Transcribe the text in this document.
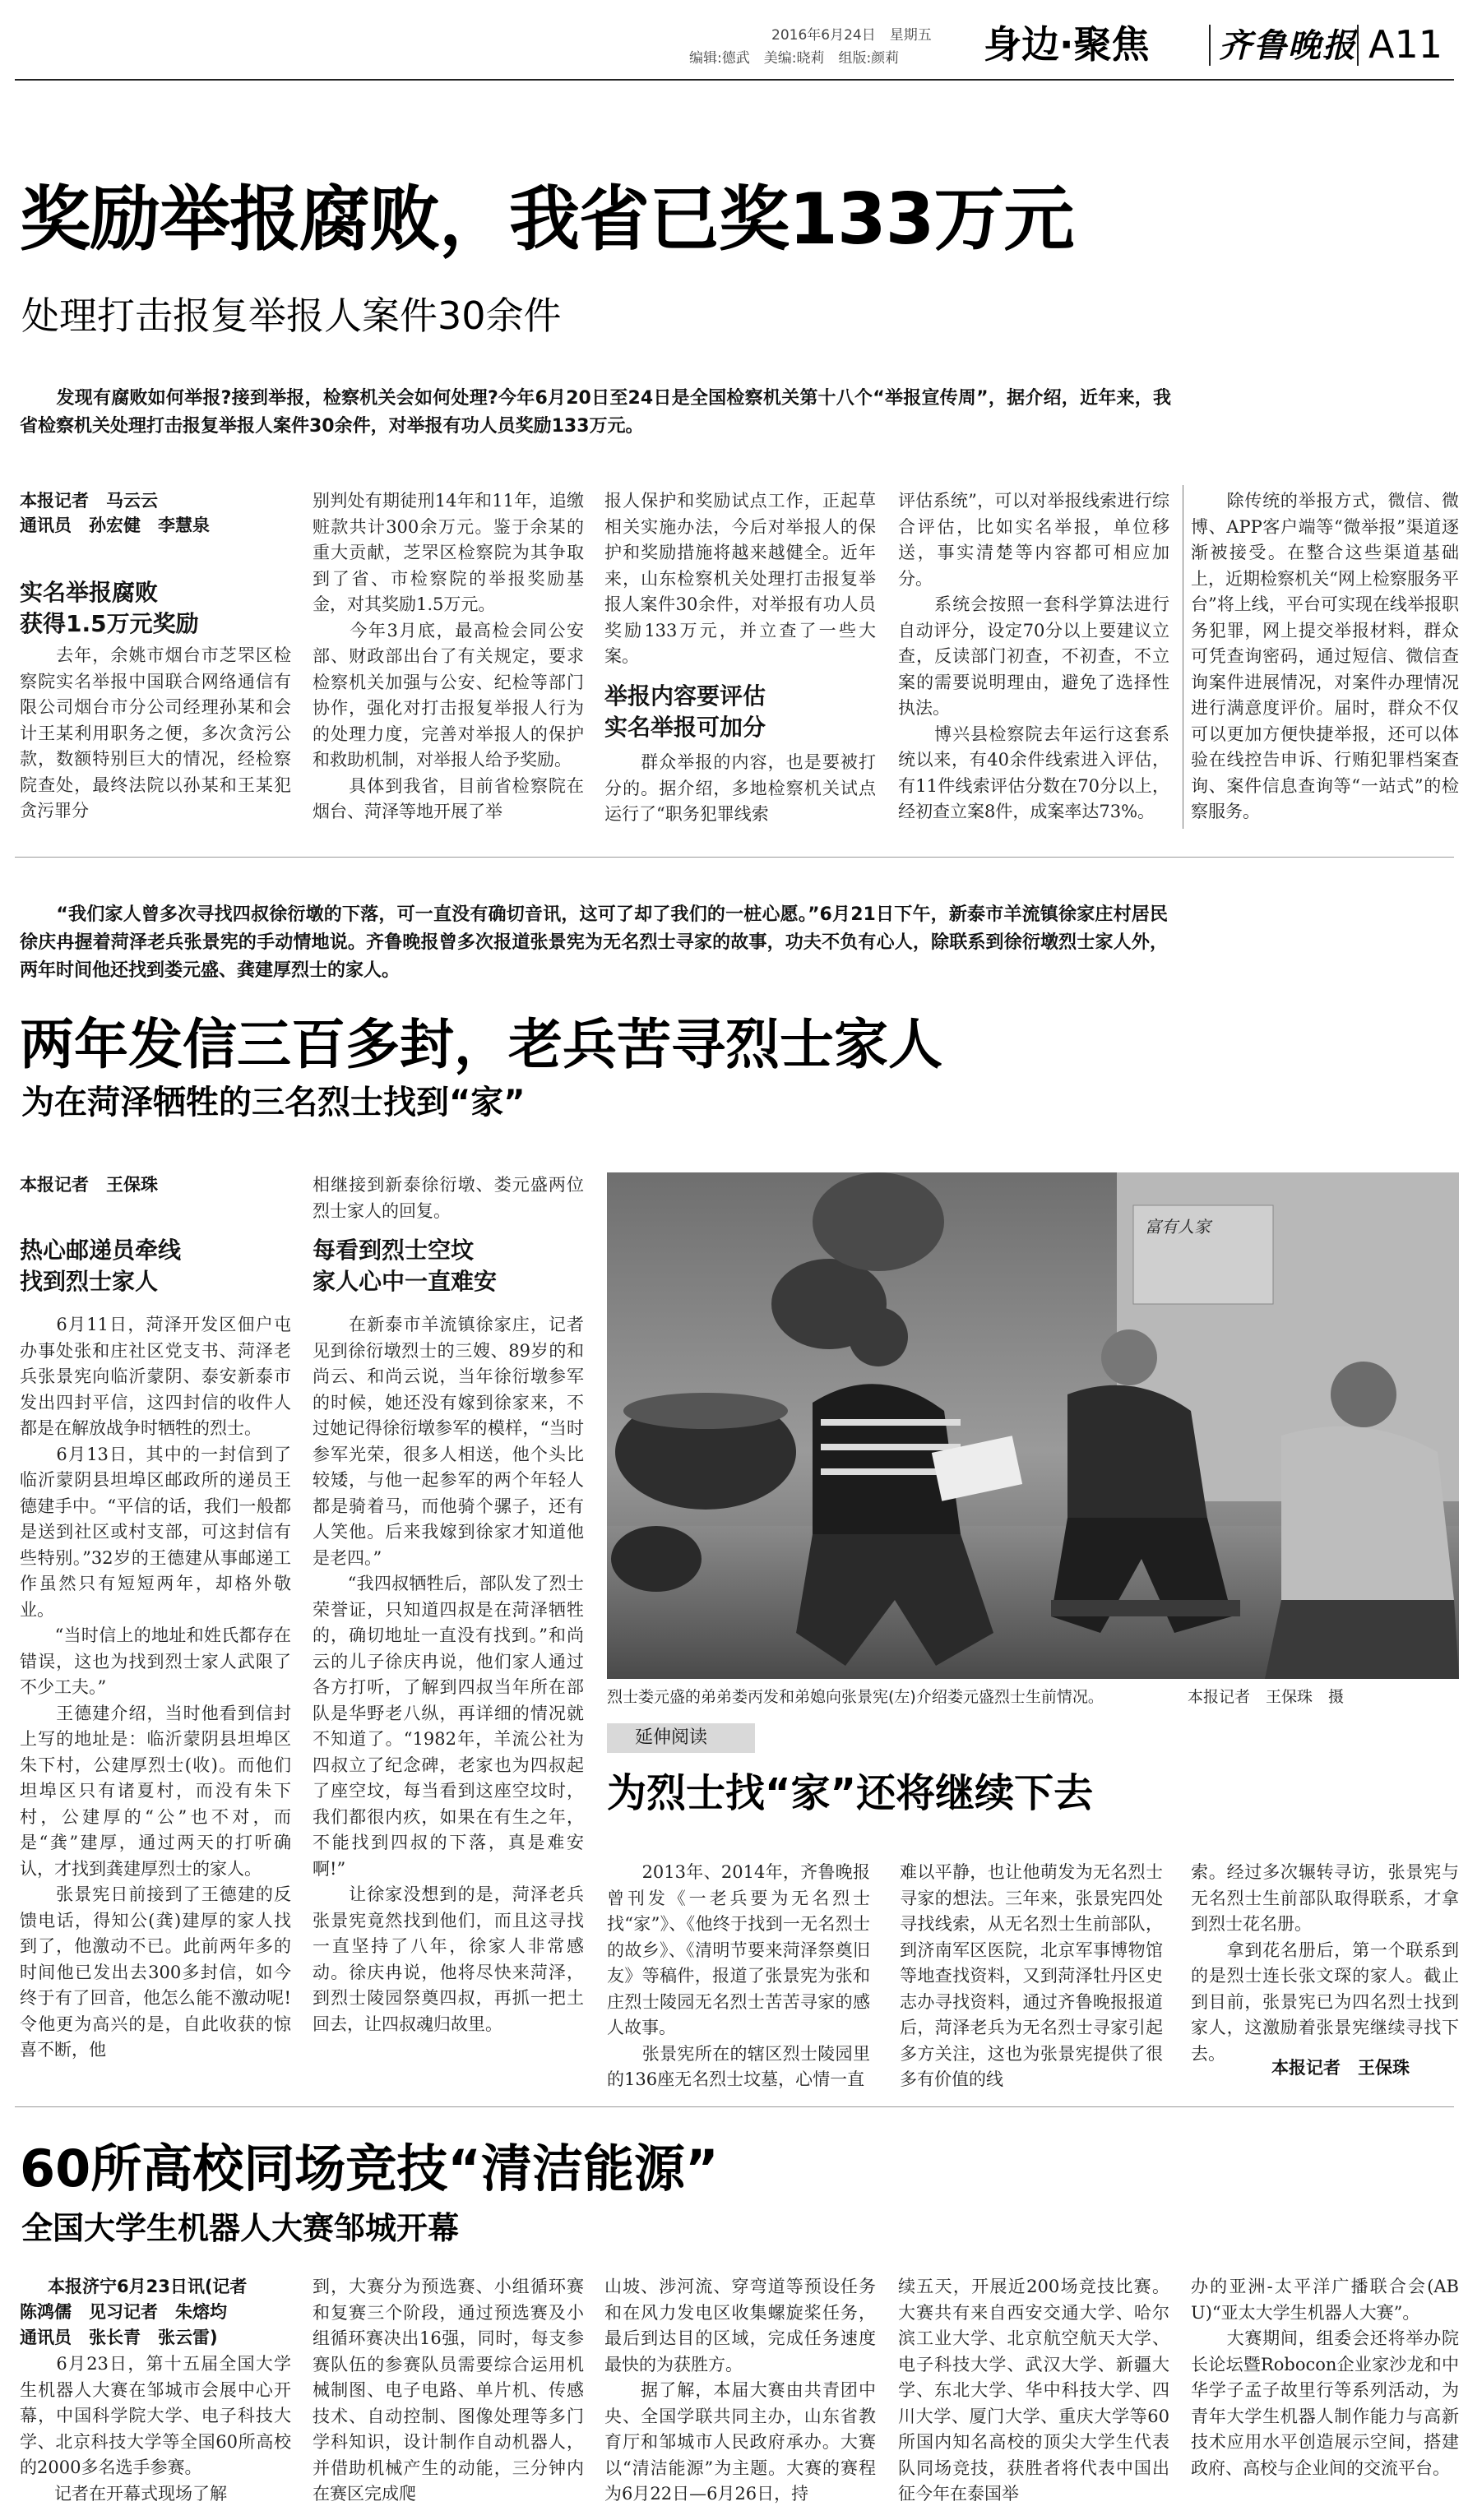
2016年6月24日　星期五
编辑:德武　美编:晓莉　组版:颜莉 身边·聚焦 齐鲁晚报 A11
奖励举报腐败，我省已奖133万元
处理打击报复举报人案件30余件
　　发现有腐败如何举报?接到举报，检察机关会如何处理?今年6月20日至24日是全国检察机关第十八个“举报宣传周”，据介绍，近年来，我省检察机关处理打击报复举报人案件30余件，对举报有功人员奖励133万元。
本报记者　马云云
通讯员　孙宏健　李慧泉
实名举报腐败
获得1.5万元奖励
　　去年，余姚市烟台市芝罘区检察院实名举报中国联合网络通信有限公司烟台市分公司经理孙某和会计王某利用职务之便，多次贪污公款，数额特别巨大的情况，经检察院查处，最终法院以孙某和王某犯贪污罪分
别判处有期徒刑14年和11年，追缴赃款共计300余万元。鉴于余某的重大贡献，芝罘区检察院为其争取到了省、市检察院的举报奖励基金，对其奖励1.5万元。
　　今年3月底，最高检会同公安部、财政部出台了有关规定，要求检察机关加强与公安、纪检等部门协作，强化对打击报复举报人行为的处理力度，完善对举报人的保护和救助机制，对举报人给予奖励。
　　具体到我省，目前省检察院在烟台、菏泽等地开展了举
报人保护和奖励试点工作，正起草相关实施办法，今后对举报人的保护和奖励措施将越来越健全。近年来，山东检察机关处理打击报复举报人案件30余件，对举报有功人员奖励133万元，并立查了一些大案。
举报内容要评估
实名举报可加分
　　群众举报的内容，也是要被打分的。据介绍，多地检察机关试点运行了“职务犯罪线索
评估系统”，可以对举报线索进行综合评估，比如实名举报，单位移送，事实清楚等内容都可相应加分。
　　系统会按照一套科学算法进行自动评分，设定70分以上要建议立查，反读部门初查，不初查，不立案的需要说明理由，避免了选择性执法。
　　博兴县检察院去年运行这套系统以来，有40余件线索进入评估，有11件线索评估分数在70分以上，经初查立案8件，成案率达73%。
　　除传统的举报方式，微信、微博、APP客户端等“微举报”渠道逐渐被接受。在整合这些渠道基础上，近期检察机关“网上检察服务平台”将上线，平台可实现在线举报职务犯罪，网上提交举报材料，群众可凭查询密码，通过短信、微信查询案件进展情况，对案件办理情况进行满意度评价。届时，群众不仅可以更加方便快捷举报，还可以体验在线控告申诉、行贿犯罪档案查询、案件信息查询等“一站式”的检察服务。
　　“我们家人曾多次寻找四叔徐衍墩的下落，可一直没有确切音讯，这可了却了我们的一桩心愿。”6月21日下午，新泰市羊流镇徐家庄村居民徐庆冉握着菏泽老兵张景宪的手动情地说。齐鲁晚报曾多次报道张景宪为无名烈士寻家的故事，功夫不负有心人，除联系到徐衍墩烈士家人外，两年时间他还找到娄元盛、龚建厚烈士的家人。
两年发信三百多封，老兵苦寻烈士家人
为在菏泽牺牲的三名烈士找到“家”
本报记者　王保珠
热心邮递员牵线
找到烈士家人
　　6月11日，菏泽开发区佃户屯办事处张和庄社区党支书、菏泽老兵张景宪向临沂蒙阴、泰安新泰市发出四封平信，这四封信的收件人都是在解放战争时牺牲的烈士。
　　6月13日，其中的一封信到了临沂蒙阴县坦埠区邮政所的递员王德建手中。“平信的话，我们一般都是送到社区或村支部，可这封信有些特别。”32岁的王德建从事邮递工作虽然只有短短两年，却格外敬业。
　　“当时信上的地址和姓氏都存在错误，这也为找到烈士家人武限了不少工夫。”
　　王德建介绍，当时他看到信封上写的地址是：临沂蒙阴县坦埠区朱下村，公建厚烈士(收)。而他们坦埠区只有诸夏村，而没有朱下村，公建厚的“公”也不对，而是“龚”建厚，通过两天的打听确认，才找到龚建厚烈士的家人。
　　张景宪日前接到了王德建的反馈电话，得知公(龚)建厚的家人找到了，他激动不已。此前两年多的时间他已发出去300多封信，如今终于有了回音，他怎么能不激动呢!令他更为高兴的是，自此收获的惊喜不断，他
相继接到新泰徐衍墩、娄元盛两位烈士家人的回复。
每看到烈士空坟
家人心中一直难安
　　在新泰市羊流镇徐家庄，记者见到徐衍墩烈士的三嫂、89岁的和尚云、和尚云说，当年徐衍墩参军的时候，她还没有嫁到徐家来，不过她记得徐衍墩参军的模样，“当时参军光荣，很多人相送，他个头比较矮，与他一起参军的两个年轻人都是骑着马，而他骑个骡子，还有人笑他。后来我嫁到徐家才知道他是老四。”
　　“我四叔牺牲后，部队发了烈士荣誉证，只知道四叔是在菏泽牺牲的，确切地址一直没有找到。”和尚云的儿子徐庆冉说，他们家人通过各方打听，了解到四叔当年所在部队是华野老八纵，再详细的情况就不知道了。“1982年，羊流公社为四叔立了纪念碑，老家也为四叔起了座空坟，每当看到这座空坟时，我们都很内疚，如果在有生之年，不能找到四叔的下落，真是难安啊!”
　　让徐家没想到的是，菏泽老兵张景宪竟然找到他们，而且这寻找一直坚持了八年，徐家人非常感动。徐庆冉说，他将尽快来菏泽，到烈士陵园祭奠四叔，再抓一把土回去，让四叔魂归故里。
富有人家
烈士娄元盛的弟弟娄丙发和弟媳向张景宪(左)介绍娄元盛烈士生前情况。	本报记者　王保珠　摄
延伸阅读
为烈士找“家”还将继续下去
　　2013年、2014年，齐鲁晚报曾刊发《一老兵要为无名烈士找“家”》、《他终于找到一无名烈士的故乡》、《清明节要来菏泽祭奠旧友》等稿件，报道了张景宪为张和庄烈士陵园无名烈士苦苦寻家的感人故事。
　　张景宪所在的辖区烈士陵园里的136座无名烈士坟墓，心情一直
难以平静，也让他萌发为无名烈士寻家的想法。三年来，张景宪四处寻找线索，从无名烈士生前部队，到济南军区医院，北京军事博物馆等地查找资料，又到菏泽牡丹区史志办寻找资料，通过齐鲁晚报报道后，菏泽老兵为无名烈士寻家引起多方关注，这也为张景宪提供了很多有价值的线
索。经过多次辗转寻访，张景宪与无名烈士生前部队取得联系，才拿到烈士花名册。
　　拿到花名册后，第一个联系到的是烈士连长张文琛的家人。截止到目前，张景宪已为四名烈士找到家人，这激励着张景宪继续寻找下去。
本报记者　王保珠
60所高校同场竞技“清洁能源”
全国大学生机器人大赛邹城开幕
本报济宁6月23日讯(记者
陈鸿儒　见习记者　朱熔均
通讯员　张长青　张云雷)
　　6月23日，第十五届全国大学生机器人大赛在邹城市会展中心开幕，中国科学院大学、电子科技大学、北京科技大学等全国60所高校的2000多名选手参赛。
　　记者在开幕式现场了解
到，大赛分为预选赛、小组循环赛和复赛三个阶段，通过预选赛及小组循环赛决出16强，同时，每支参赛队伍的参赛队员需要综合运用机械制图、电子电路、单片机、传感技术、自动控制、图像处理等多门学科知识，设计制作自动机器人，并借助机械产生的动能，三分钟内在赛区完成爬
山坡、涉河流、穿弯道等预设任务和在风力发电区收集螺旋桨任务，最后到达目的区域，完成任务速度最快的为获胜方。
　　据了解，本届大赛由共青团中央、全国学联共同主办，山东省教育厅和邹城市人民政府承办。大赛以“清洁能源”为主题。大赛的赛程为6月22日—6月26日，持
续五天，开展近200场竞技比赛。大赛共有来自西安交通大学、哈尔滨工业大学、北京航空航天大学、电子科技大学、武汉大学、新疆大学、东北大学、华中科技大学、四川大学、厦门大学、重庆大学等60所国内知名高校的顶尖大学生代表队同场竞技，获胜者将代表中国出征今年在泰国举
办的亚洲-太平洋广播联合会(ABU)“亚太大学生机器人大赛”。
　　大赛期间，组委会还将举办院长论坛暨Robocon企业家沙龙和中华学子孟子故里行等系列活动，为青年大学生机器人制作能力与高新技术应用水平创造展示空间，搭建政府、高校与企业间的交流平台。
